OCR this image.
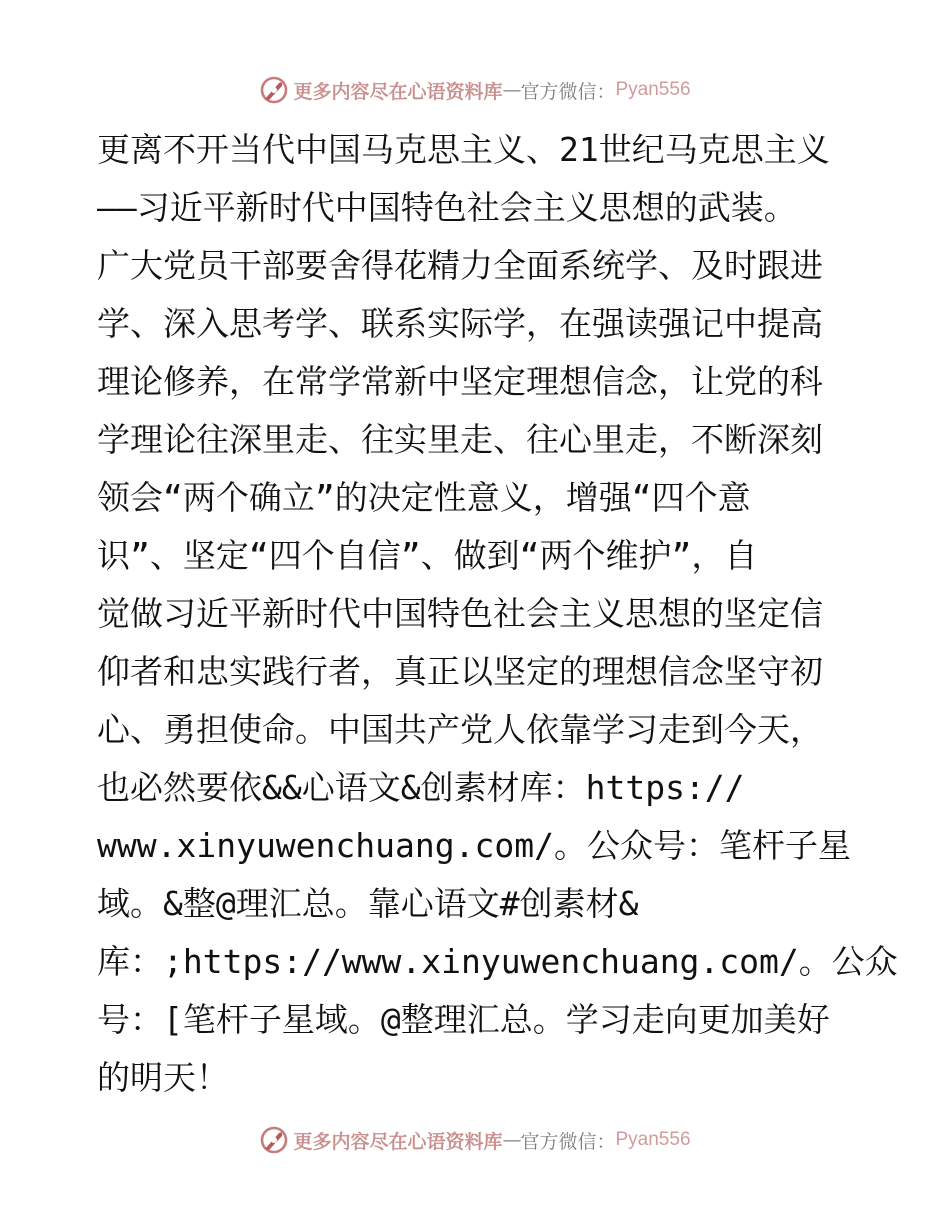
更多内容尽在心语资料库 — 官方微信： Pyan556
更离不开当代中国马克思主义、21世纪马克思主义
——习近平新时代中国特色社会主义思想的武装。
广大党员干部要舍得花精力全面系统学、及时跟进
学、深入思考学、联系实际学，在强读强记中提高
理论修养，在常学常新中坚定理想信念，让党的科
学理论往深里走、往实里走、往心里走，不断深刻
领会“两个确立”的决定性意义，增强“四个意
识”、坚定“四个自信”、做到“两个维护”，自
觉做习近平新时代中国特色社会主义思想的坚定信
仰者和忠实践行者，真正以坚定的理想信念坚守初
心、勇担使命。中国共产党人依靠学习走到今天，
也必然要依&&心语文&创素材库：https://
www.xinyuwenchuang.com/。公众号：笔杆子星
域。&整@理汇总。靠心语文#创素材&
库：;https://www.xinyuwenchuang.com/。公众
号：[笔杆子星域。@整理汇总。学习走向更加美好
的明天！
更多内容尽在心语资料库 — 官方微信： Pyan556
